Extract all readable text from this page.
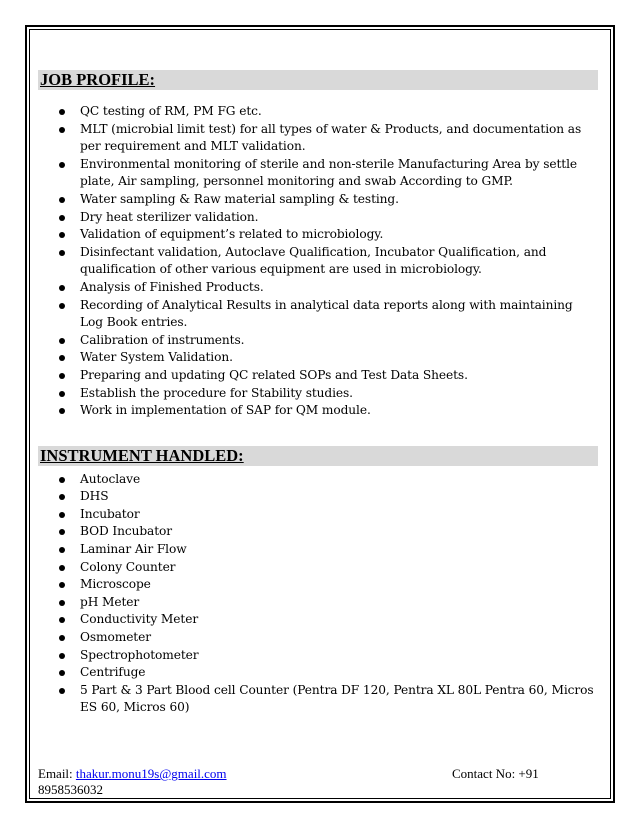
JOB PROFILE:
QC testing of RM, PM FG etc.
MLT (microbial limit test) for all types of water & Products, and documentation as per requirement and MLT validation.
Environmental monitoring of sterile and non-sterile Manufacturing Area by settle plate, Air sampling, personnel monitoring and swab According to GMP.
Water sampling & Raw material sampling & testing.
Dry heat sterilizer validation.
Validation of equipment’s related to microbiology.
Disinfectant validation, Autoclave Qualification, Incubator Qualification, and qualification of other various equipment are used in microbiology.
Analysis of Finished Products.
Recording of Analytical Results in analytical data reports along with maintaining Log Book entries.
Calibration of instruments.
Water System Validation.
Preparing and updating QC related SOPs and Test Data Sheets.
Establish the procedure for Stability studies.
Work in implementation of SAP for QM module.
INSTRUMENT HANDLED:
Autoclave
DHS
Incubator
BOD Incubator
Laminar Air Flow
Colony Counter
Microscope
pH Meter
Conductivity Meter
Osmometer
Spectrophotometer
Centrifuge
5 Part & 3 Part Blood cell Counter (Pentra DF 120, Pentra XL 80L Pentra 60, Micros ES 60, Micros 60)
Email: thakur.monu19s@gmail.com	Contact No: +91
8958536032
